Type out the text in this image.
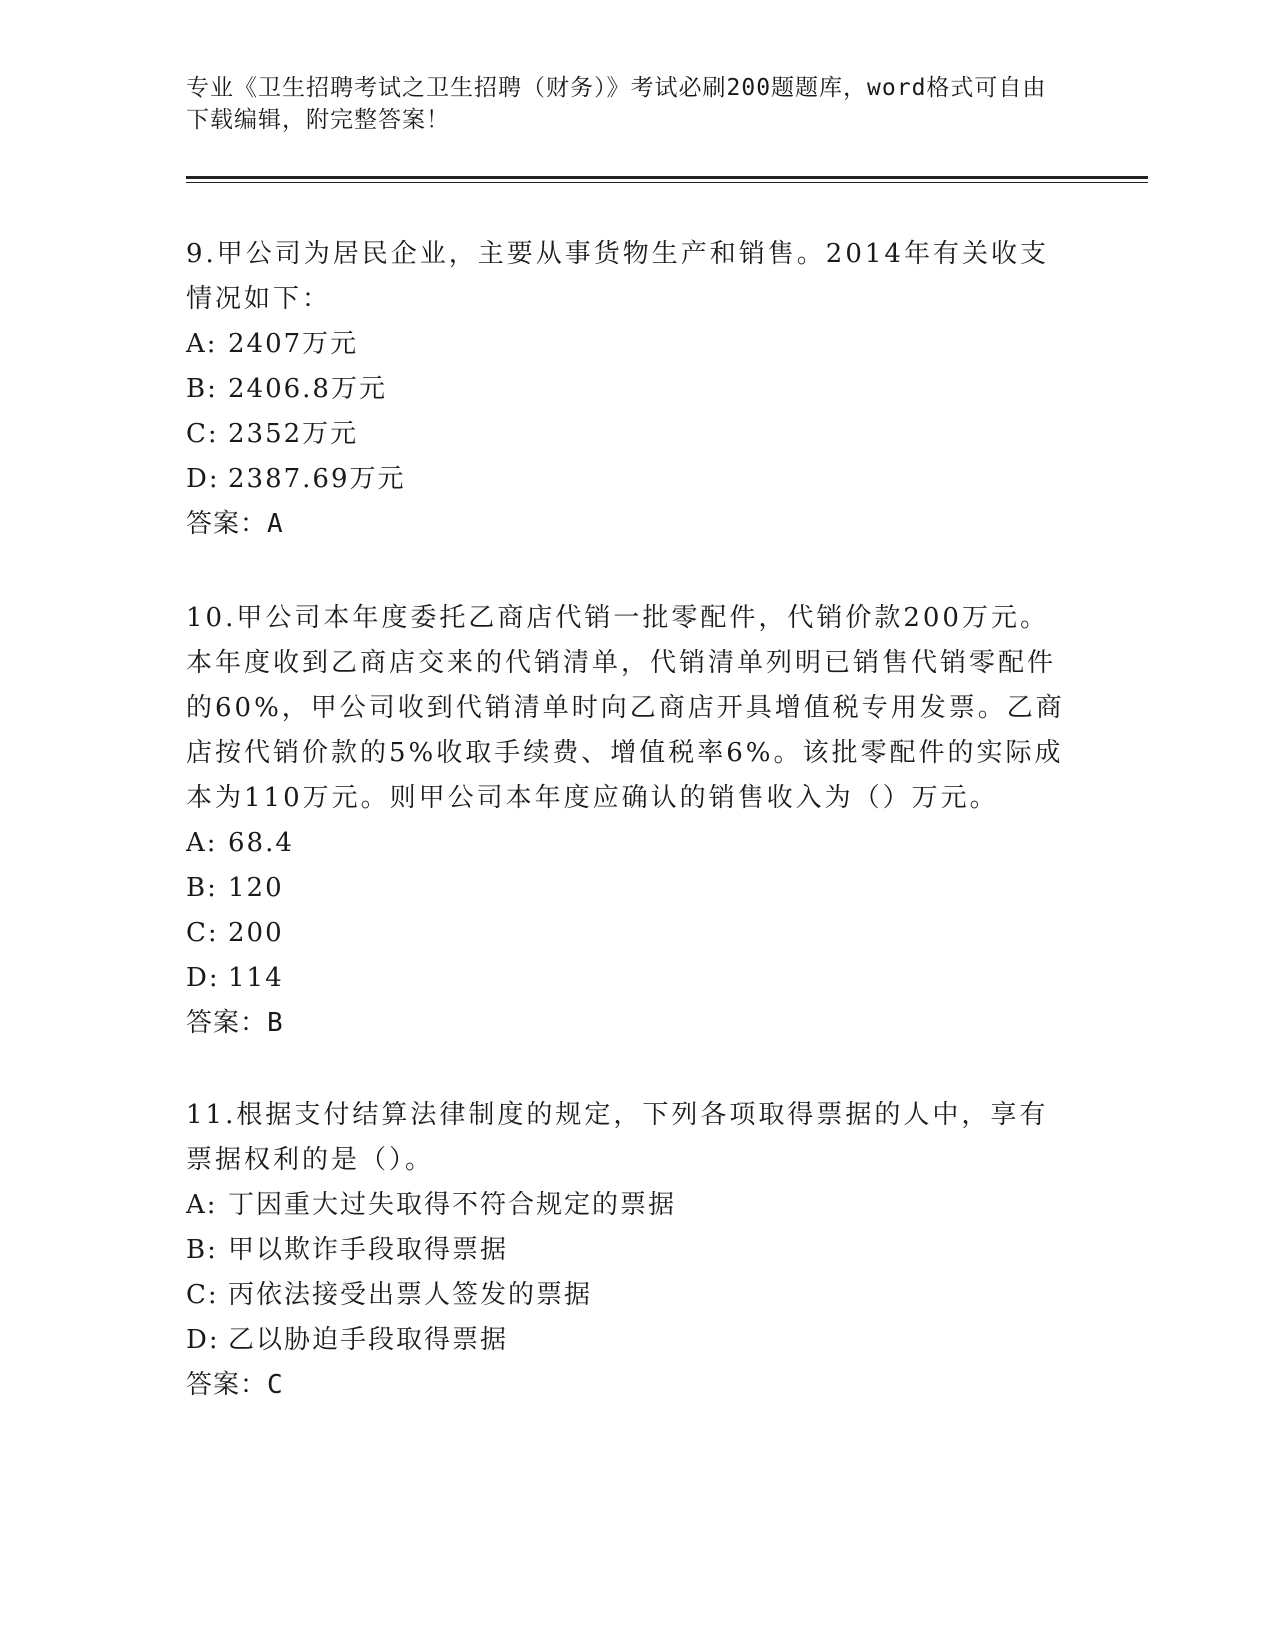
专业《卫生招聘考试之卫生招聘（财务）》考试必刷200题题库，word格式可自由下载编辑，附完整答案！

9.甲公司为居民企业，主要从事货物生产和销售。2014年有关收支情况如下：

A: 2407万元
B: 2406.8万元
C: 2352万元
D: 2387.69万元

答案：A

10.甲公司本年度委托乙商店代销一批零配件，代销价款200万元。本年度收到乙商店交来的代销清单，代销清单列明已销售代销零配件的60%，甲公司收到代销清单时向乙商店开具增值税专用发票。乙商店按代销价款的5%收取手续费、增值税率6%。该批零配件的实际成本为110万元。则甲公司本年度应确认的销售收入为（）万元。

A: 68.4
B: 120
C: 200
D: 114

答案：B

11.根据支付结算法律制度的规定，下列各项取得票据的人中，享有票据权利的是（）。

A: 丁因重大过失取得不符合规定的票据
B: 甲以欺诈手段取得票据
C: 丙依法接受出票人签发的票据
D: 乙以胁迫手段取得票据

答案：C
